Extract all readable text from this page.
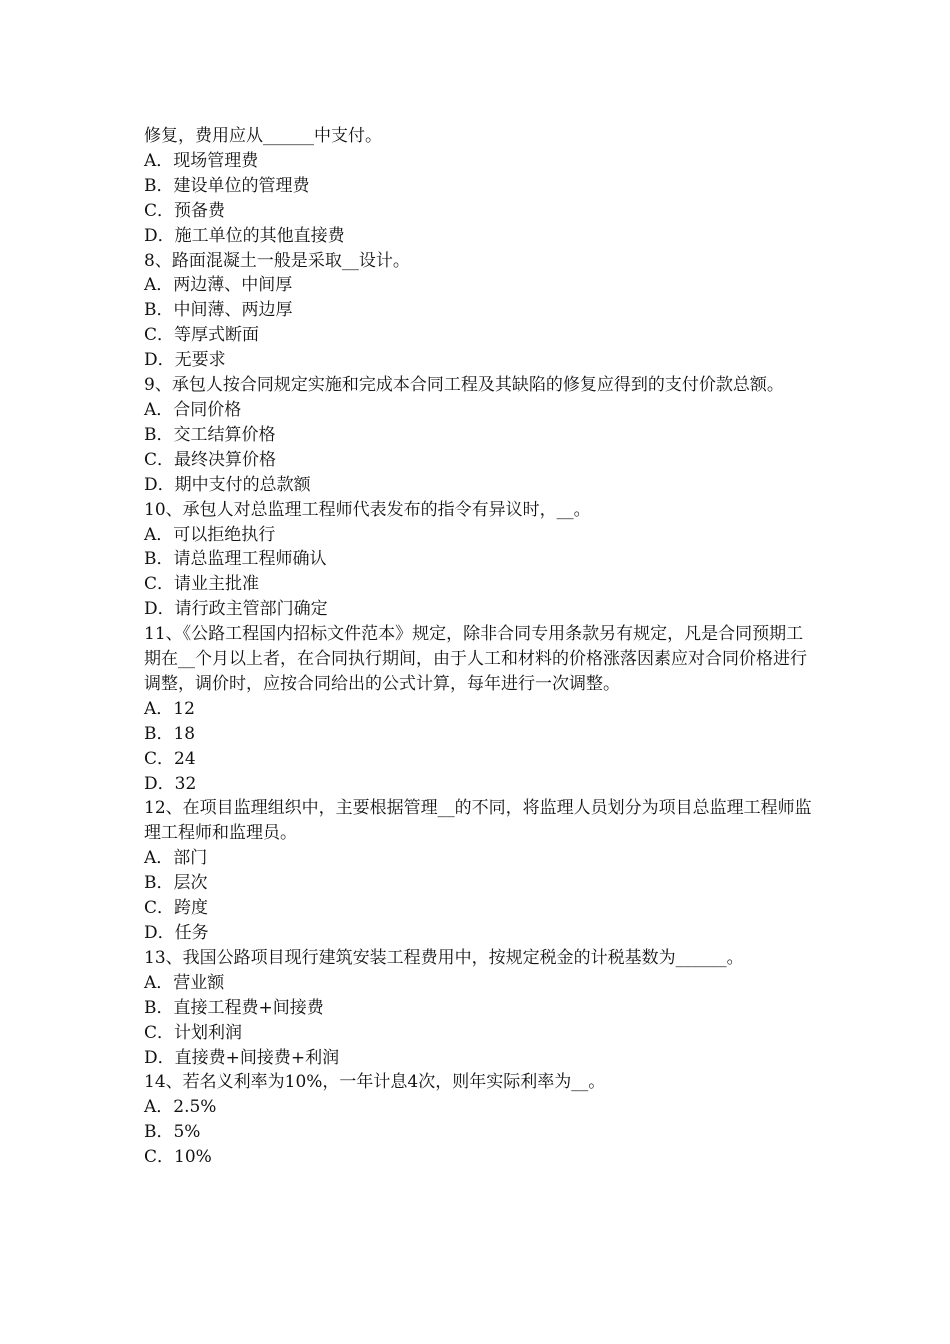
修复，费用应从______中支付。

A．现场管理费

B．建设单位的管理费

C．预备费

D．施工单位的其他直接费

8、路面混凝土一般是采取__设计。

A．两边薄、中间厚

B．中间薄、两边厚

C．等厚式断面

D．无要求

9、承包人按合同规定实施和完成本合同工程及其缺陷的修复应得到的支付价款总额。

A．合同价格

B．交工结算价格

C．最终决算价格

D．期中支付的总款额

10、承包人对总监理工程师代表发布的指令有异议时，__。

A．可以拒绝执行

B．请总监理工程师确认

C．请业主批准

D．请行政主管部门确定

11、《公路工程国内招标文件范本》规定，除非合同专用条款另有规定，凡是合同预期工期在__个月以上者，在合同执行期间，由于人工和材料的价格涨落因素应对合同价格进行调整，调价时，应按合同给出的公式计算，每年进行一次调整。

A．12

B．18

C．24

D．32

12、在项目监理组织中，主要根据管理__的不同，将监理人员划分为项目总监理工程师监理工程师和监理员。

A．部门

B．层次

C．跨度

D．任务

13、我国公路项目现行建筑安装工程费用中，按规定税金的计税基数为______。

A．营业额

B．直接工程费+间接费

C．计划利润

D．直接费+间接费+利润

14、若名义利率为10%，一年计息4次，则年实际利率为__。

A．2.5%

B．5%

C．10%
